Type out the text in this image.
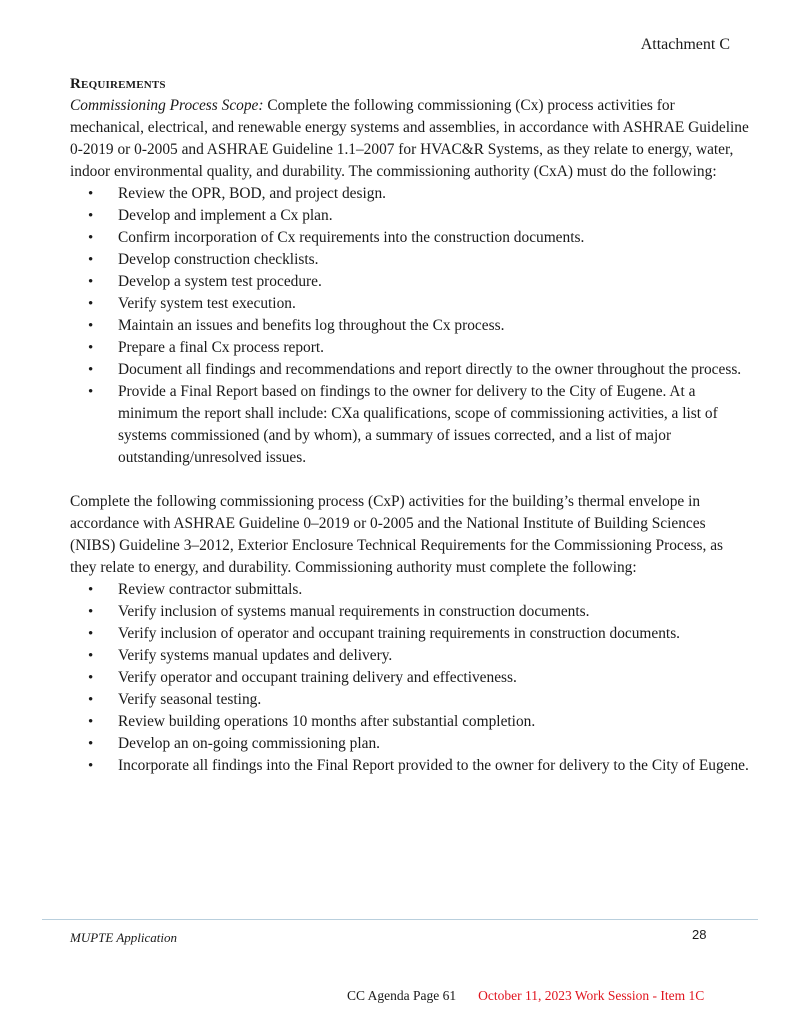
Attachment C
Requirements

Commissioning Process Scope: Complete the following commissioning (Cx) process activities for mechanical, electrical, and renewable energy systems and assemblies, in accordance with ASHRAE Guideline 0-2019 or 0-2005 and ASHRAE Guideline 1.1–2007 for HVAC&R Systems, as they relate to energy, water, indoor environmental quality, and durability. The commissioning authority (CxA) must do the following:

• Review the OPR, BOD, and project design.
• Develop and implement a Cx plan.
• Confirm incorporation of Cx requirements into the construction documents.
• Develop construction checklists.
• Develop a system test procedure.
• Verify system test execution.
• Maintain an issues and benefits log throughout the Cx process.
• Prepare a final Cx process report.
• Document all findings and recommendations and report directly to the owner throughout the process.
• Provide a Final Report based on findings to the owner for delivery to the City of Eugene. At a minimum the report shall include: CXa qualifications, scope of commissioning activities, a list of systems commissioned (and by whom), a summary of issues corrected, and a list of major outstanding/unresolved issues.

Complete the following commissioning process (CxP) activities for the building’s thermal envelope in accordance with ASHRAE Guideline 0–2019 or 0-2005 and the National Institute of Building Sciences (NIBS) Guideline 3–2012, Exterior Enclosure Technical Requirements for the Commissioning Process, as they relate to energy, and durability. Commissioning authority must complete the following:

• Review contractor submittals.
• Verify inclusion of systems manual requirements in construction documents.
• Verify inclusion of operator and occupant training requirements in construction documents.
• Verify systems manual updates and delivery.
• Verify operator and occupant training delivery and effectiveness.
• Verify seasonal testing.
• Review building operations 10 months after substantial completion.
• Develop an on-going commissioning plan.
• Incorporate all findings into the Final Report provided to the owner for delivery to the City of Eugene.
MUPTE Application	28
CC Agenda Page 61 October 11, 2023 Work Session - Item 1C
